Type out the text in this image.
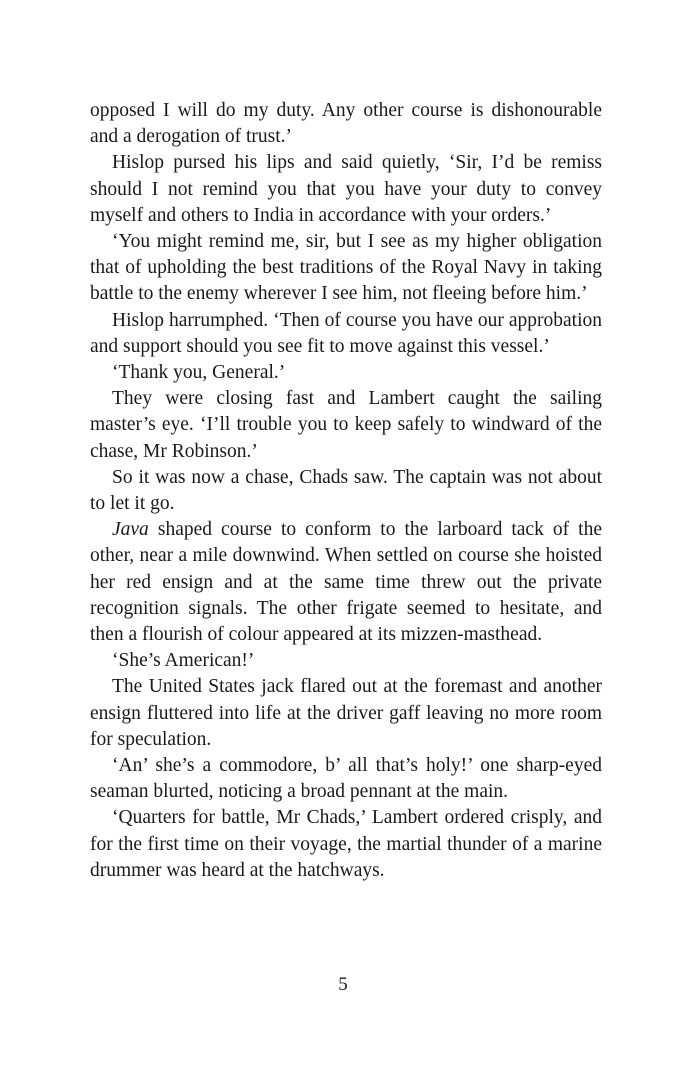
opposed I will do my duty. Any other course is dishonourable and a derogation of trust.’

Hislop pursed his lips and said quietly, ‘Sir, I’d be remiss should I not remind you that you have your duty to convey myself and others to India in accordance with your orders.’

‘You might remind me, sir, but I see as my higher obligation that of upholding the best traditions of the Royal Navy in taking battle to the enemy wherever I see him, not fleeing before him.’

Hislop harrumphed. ‘Then of course you have our approbation and support should you see fit to move against this vessel.’

‘Thank you, General.’

They were closing fast and Lambert caught the sailing master’s eye. ‘I’ll trouble you to keep safely to windward of the chase, Mr Robinson.’

So it was now a chase, Chads saw. The captain was not about to let it go.

Java shaped course to conform to the larboard tack of the other, near a mile downwind. When settled on course she hoisted her red ensign and at the same time threw out the private recognition signals. The other frigate seemed to hesitate, and then a flourish of colour appeared at its mizzen-masthead.

‘She’s American!’

The United States jack flared out at the foremast and another ensign fluttered into life at the driver gaff leaving no more room for speculation.

‘An’ she’s a commodore, b’ all that’s holy!’ one sharp-eyed seaman blurted, noticing a broad pennant at the main.

‘Quarters for battle, Mr Chads,’ Lambert ordered crisply, and for the first time on their voyage, the martial thunder of a marine drummer was heard at the hatchways.

5
